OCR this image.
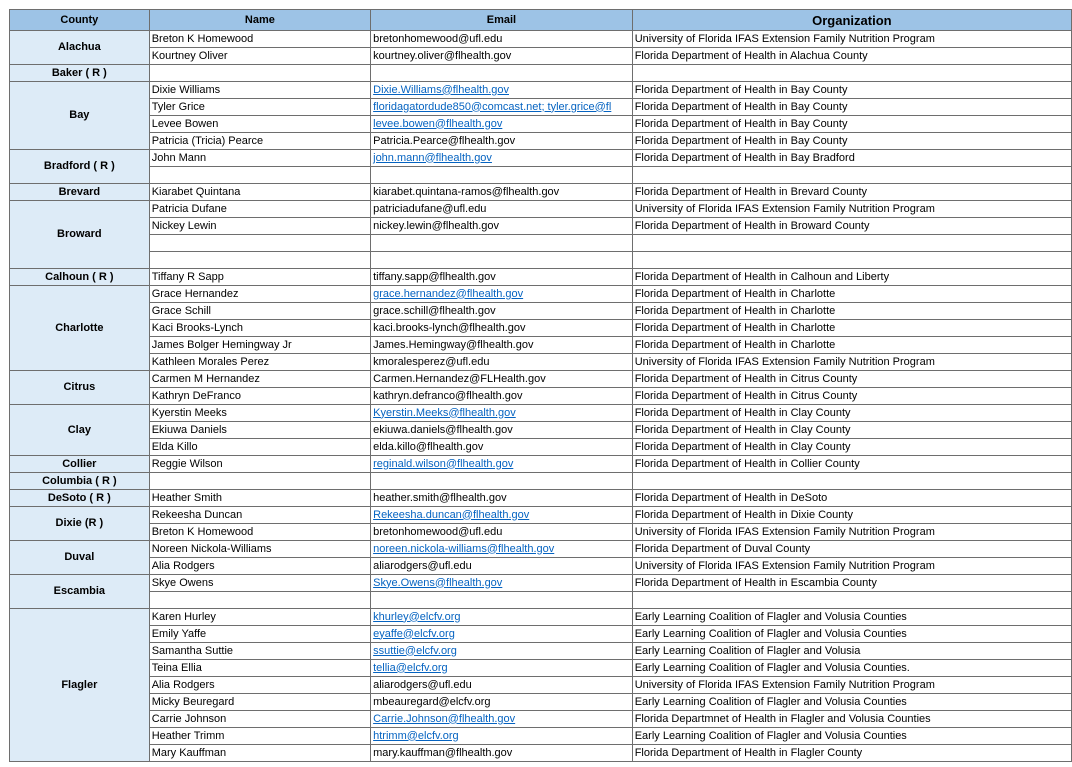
County	Name	Email	Organization
Alachua	Breton K Homewood	bretonhomewood@ufl.edu	University of Florida IFAS Extension Family Nutrition Program
	Kourtney Oliver	kourtney.oliver@flhealth.gov	Florida Department of Health in Alachua County
Baker ( R )			
Bay	Dixie Williams	Dixie.Williams@flhealth.gov	Florida Department of Health in Bay County
	Tyler Grice	floridagatordude850@comcast.net; tyler.grice@fl	Florida Department of Health in Bay County
	Levee Bowen	levee.bowen@flhealth.gov	Florida Department of Health in Bay County
	Patricia (Tricia) Pearce	Patricia.Pearce@flhealth.gov	Florida Department of Health in Bay County
Bradford ( R )	John Mann	john.mann@flhealth.gov	Florida Department of Health in Bay Bradford

Brevard	Kiarabet Quintana	kiarabet.quintana-ramos@flhealth.gov	Florida Department of Health in Brevard County
Broward	Patricia Dufane	patriciadufane@ufl.edu	University of Florida IFAS Extension Family Nutrition Program
	Nickey Lewin	nickey.lewin@flhealth.gov	Florida Department of Health in Broward County

Calhoun ( R )	Tiffany R Sapp	tiffany.sapp@flhealth.gov	Florida Department of Health in Calhoun and Liberty
Charlotte	Grace Hernandez	grace.hernandez@flhealth.gov	Florida Department of Health in Charlotte
	Grace Schill	grace.schill@flhealth.gov	Florida Department of Health in Charlotte
	Kaci Brooks-Lynch	kaci.brooks-lynch@flhealth.gov	Florida Department of Health in Charlotte
	James Bolger Hemingway Jr	James.Hemingway@flhealth.gov	Florida Department of Health in Charlotte
	Kathleen Morales Perez	kmoralesperez@ufl.edu	University of Florida IFAS Extension Family Nutrition Program
Citrus	Carmen M Hernandez	Carmen.Hernandez@FLHealth.gov	Florida Department of Health in Citrus County
	Kathryn DeFranco	kathryn.defranco@flhealth.gov	Florida Department of Health in Citrus County
Clay	Kyerstin Meeks	Kyerstin.Meeks@flhealth.gov	Florida Department of Health in Clay County
	Ekiuwa Daniels	ekiuwa.daniels@flhealth.gov	Florida Department of Health in Clay County
	Elda Killo	elda.killo@flhealth.gov	Florida Department of Health in Clay County
Collier	Reggie Wilson	reginald.wilson@flhealth.gov	Florida Department of Health in Collier County
Columbia ( R )			
DeSoto ( R )	Heather Smith	heather.smith@flhealth.gov	Florida Department of Health in DeSoto
Dixie (R )	Rekeesha Duncan	Rekeesha.duncan@flhealth.gov	Florida Department of Health in Dixie County
	Breton K Homewood	bretonhomewood@ufl.edu	University of Florida IFAS Extension Family Nutrition Program
Duval	Noreen Nickola-Williams	noreen.nickola-williams@flhealth.gov	Florida Department of Duval County
	Alia Rodgers	aliarodgers@ufl.edu	University of Florida IFAS Extension Family Nutrition Program
Escambia	Skye Owens	Skye.Owens@flhealth.gov	Florida Department of Health in Escambia County

Flagler	Karen Hurley	khurley@elcfv.org	Early Learning Coalition of Flagler and Volusia Counties
	Emily Yaffe	eyaffe@elcfv.org	Early Learning Coalition of Flagler and Volusia Counties
	Samantha Suttie	ssuttie@elcfv.org	Early Learning Coalition of Flagler and Volusia
	Teina Ellia	tellia@elcfv.org	Early Learning Coalition of Flagler and Volusia Counties.
	Alia Rodgers	aliarodgers@ufl.edu	University of Florida IFAS Extension Family Nutrition Program
	Micky Beuregard	mbeauregard@elcfv.org	Early Learning Coalition of Flagler and Volusia Counties
	Carrie Johnson	Carrie.Johnson@flhealth.gov	Florida Departmnet of Health in Flagler and Volusia Counties
	Heather Trimm	htrimm@elcfv.org	Early Learning Coalition of Flagler and Volusia Counties
	Mary Kauffman	mary.kauffman@flhealth.gov	Florida Department of Health in Flagler County
